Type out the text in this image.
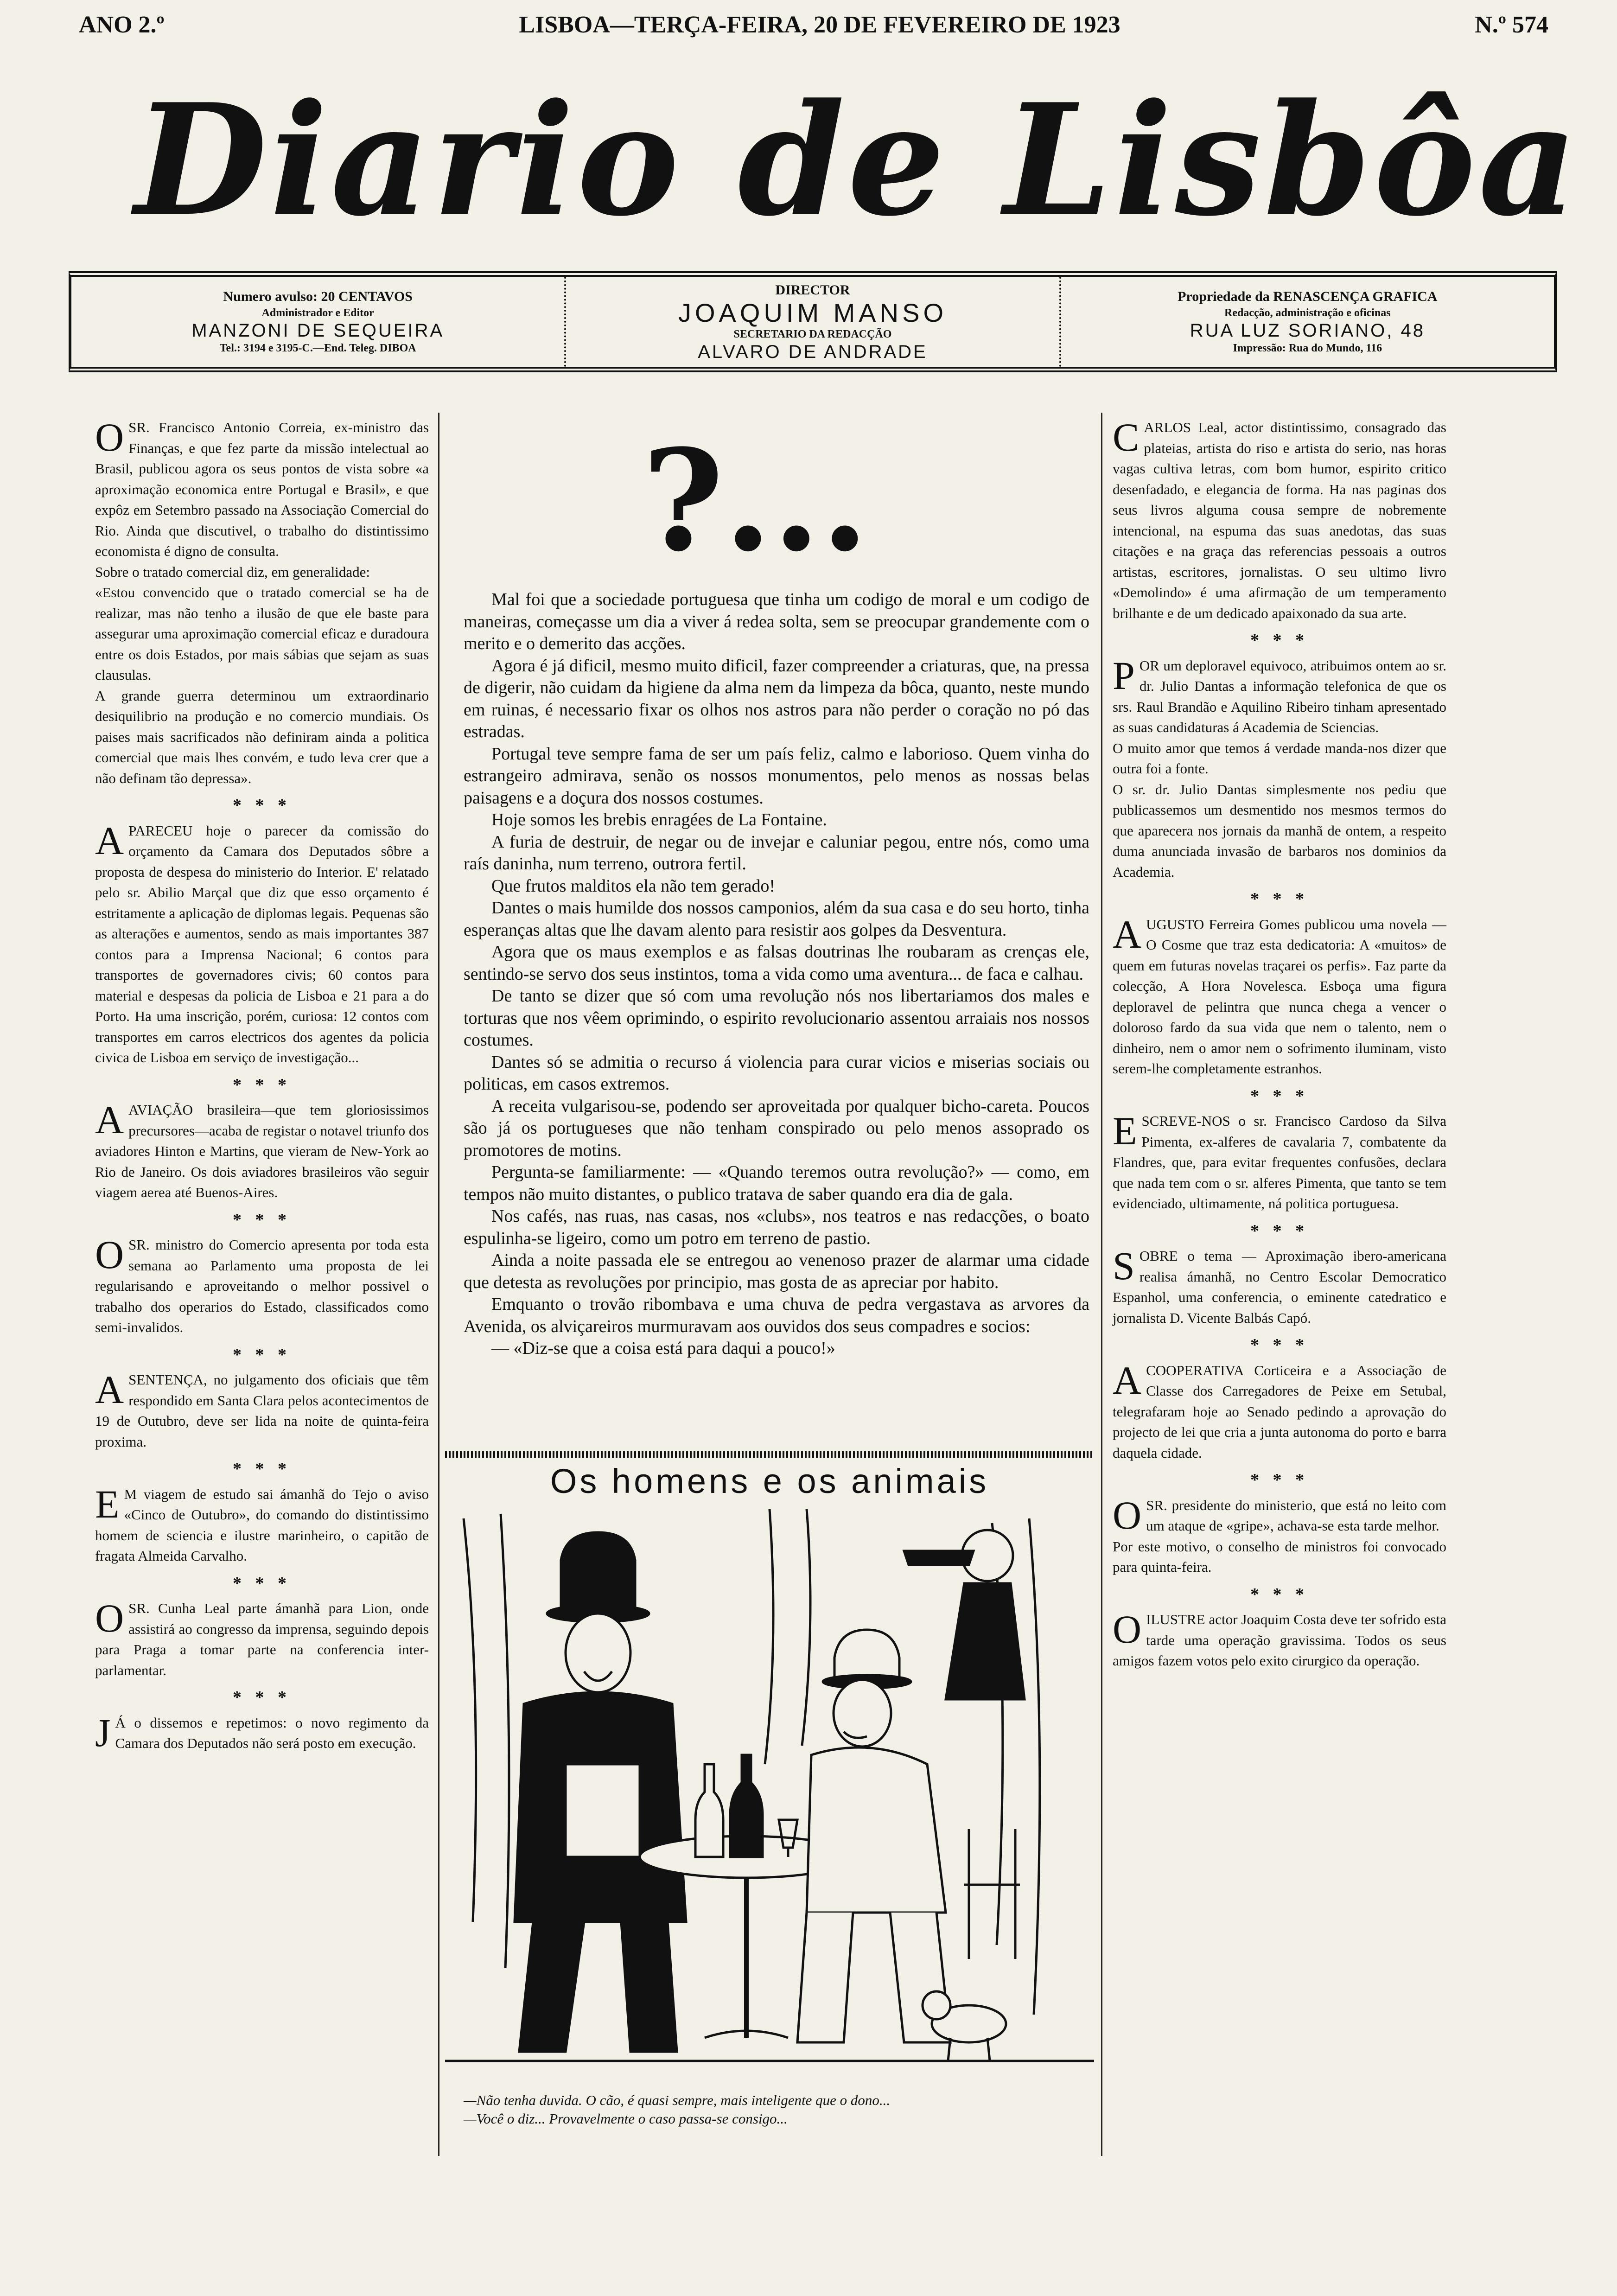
ANO 2.º	LISBOA—TERÇA-FEIRA, 20 DE FEVEREIRO DE 1923	N.º 574
Diario de Lisbôa
Numero avulso: 20 CENTAVOS
Administrador e Editor
MANZONI DE SEQUEIRA
Tel.: 3194 e 3195-C.—End. Teleg. DIBOA
DIRECTOR
JOAQUIM MANSO
SECRETARIO DA REDACÇÃO
ALVARO DE ANDRADE
Propriedade da RENASCENÇA GRAFICA
Redacção, administração e oficinas
RUA LUZ SORIANO, 48
Impressão: Rua do Mundo, 116
O SR. Francisco Antonio Correia, ex-ministro das Finanças, e que fez parte da missão intelectual ao Brasil, publicou agora os seus pontos de vista sobre «a aproximação economica entre Portugal e Brasil», e que expôz em Setembro passado na Associação Comercial do Rio. Ainda que discutivel, o trabalho do distintissimo economista é digno de consulta.

Sobre o tratado comercial diz, em generalidade:

«Estou convencido que o tratado comercial se ha de realizar, mas não tenho a ilusão de que ele baste para assegurar uma aproximação comercial eficaz e duradoura entre os dois Estados, por mais sábias que sejam as suas clausulas.

A grande guerra determinou um extraordinario desiquilibrio na produção e no comercio mundiais. Os paises mais sacrificados não definiram ainda a politica comercial que mais lhes convém, e tudo leva crer que a não definam tão depressa».

* * *
A PARECEU hoje o parecer da comissão do orçamento da Camara dos Deputados sôbre a proposta de despesa do ministerio do Interior. E' relatado pelo sr. Abilio Marçal que diz que esso orçamento é estritamente a aplicação de diplomas legais. Pequenas são as alterações e aumentos, sendo as mais importantes 387 contos para a Imprensa Nacional; 6 contos para transportes de governadores civis; 60 contos para material e despesas da policia de Lisboa e 21 para a do Porto. Ha uma inscrição, porém, curiosa: 12 contos com transportes em carros electricos dos agentes da policia civica de Lisboa em serviço de investigação...

* * *
A AVIAÇÃO brasileira—que tem gloriosissimos precursores—acaba de registar o notavel triunfo dos aviadores Hinton e Martins, que vieram de New-York ao Rio de Janeiro. Os dois aviadores brasileiros vão seguir viagem aerea até Buenos-Aires.

* * *
O SR. ministro do Comercio apresenta por toda esta semana ao Parlamento uma proposta de lei regularisando e aproveitando o melhor possivel o trabalho dos operarios do Estado, classificados como semi-invalidos.

* * *
A SENTENÇA, no julgamento dos oficiais que têm respondido em Santa Clara pelos acontecimentos de 19 de Outubro, deve ser lida na noite de quinta-feira proxima.

* * *
E M viagem de estudo sai ámanhã do Tejo o aviso «Cinco de Outubro», do comando do distintissimo homem de sciencia e ilustre marinheiro, o capitão de fragata Almeida Carvalho.

* * *
O SR. Cunha Leal parte ámanhã para Lion, onde assistirá ao congresso da imprensa, seguindo depois para Praga a tomar parte na conferencia inter-parlamentar.

* * *
J Á o dissemos e repetimos: o novo regimento da Camara dos Deputados não será posto em execução.

?...

Mal foi que a sociedade portuguesa que tinha um codigo de moral e um codigo de maneiras, começasse um dia a viver á redea solta, sem se preocupar grandemente com o merito e o demerito das acções.

Agora é já dificil, mesmo muito dificil, fazer compreender a criaturas, que, na pressa de digerir, não cuidam da higiene da alma nem da limpeza da bôca, quanto, neste mundo em ruinas, é necessario fixar os olhos nos astros para não perder o coração no pó das estradas.

Portugal teve sempre fama de ser um país feliz, calmo e laborioso. Quem vinha do estrangeiro admirava, senão os nossos monumentos, pelo menos as nossas belas paisagens e a doçura dos nossos costumes.

Hoje somos les brebis enragées de La Fontaine.

A furia de destruir, de negar ou de invejar e caluniar pegou, entre nós, como uma raís daninha, num terreno, outrora fertil.

Que frutos malditos ela não tem gerado!

Dantes o mais humilde dos nossos camponios, além da sua casa e do seu horto, tinha esperanças altas que lhe davam alento para resistir aos golpes da Desventura.

Agora que os maus exemplos e as falsas doutrinas lhe roubaram as crenças ele, sentindo-se servo dos seus instintos, toma a vida como uma aventura... de faca e calhau.

De tanto se dizer que só com uma revolução nós nos libertariamos dos males e torturas que nos vêem oprimindo, o espirito revolucionario assentou arraiais nos nossos costumes.

Dantes só se admitia o recurso á violencia para curar vicios e miserias sociais ou politicas, em casos extremos.

A receita vulgarisou-se, podendo ser aproveitada por qualquer bicho-careta. Poucos são já os portugueses que não tenham conspirado ou pelo menos assoprado os promotores de motins.

Pergunta-se familiarmente: — «Quando teremos outra revolução?» — como, em tempos não muito distantes, o publico tratava de saber quando era dia de gala.

Nos cafés, nas ruas, nas casas, nos «clubs», nos teatros e nas redacções, o boato espulinha-se ligeiro, como um potro em terreno de pastio.

Ainda a noite passada ele se entregou ao venenoso prazer de alarmar uma cidade que detesta as revoluções por principio, mas gosta de as apreciar por habito.

Emquanto o trovão ribombava e uma chuva de pedra vergastava as arvores da Avenida, os alviçareiros murmuravam aos ouvidos dos seus compadres e socios:

— «Diz-se que a coisa está para daqui a pouco!»

Os homens e os animais
—Não tenha duvida. O cão, é quasi sempre, mais inteligente que o dono...
—Você o diz... Provavelmente o caso passa-se consigo...
C ARLOS Leal, actor distintissimo, consagrado das plateias, artista do riso e artista do serio, nas horas vagas cultiva letras, com bom humor, espirito critico desenfadado, e elegancia de forma. Ha nas paginas dos seus livros alguma cousa sempre de nobremente intencional, na espuma das suas anedotas, das suas citações e na graça das referencias pessoais a outros artistas, escritores, jornalistas. O seu ultimo livro «Demolindo» é uma afirmação de um temperamento brilhante e de um dedicado apaixonado da sua arte.

* * *
P OR um deploravel equivoco, atribuimos ontem ao sr. dr. Julio Dantas a informação telefonica de que os srs. Raul Brandão e Aquilino Ribeiro tinham apresentado as suas candidaturas á Academia de Sciencias.

O muito amor que temos á verdade manda-nos dizer que outra foi a fonte.

O sr. dr. Julio Dantas simplesmente nos pediu que publicassemos um desmentido nos mesmos termos do que aparecera nos jornais da manhã de ontem, a respeito duma anunciada invasão de barbaros nos dominios da Academia.

* * *
A UGUSTO Ferreira Gomes publicou uma novela — O Cosme que traz esta dedicatoria: A «muitos» de quem em futuras novelas traçarei os perfis». Faz parte da colecção, A Hora Novelesca. Esboça uma figura deploravel de pelintra que nunca chega a vencer o doloroso fardo da sua vida que nem o talento, nem o dinheiro, nem o amor nem o sofrimento iluminam, visto serem-lhe completamente estranhos.

* * *
E SCREVE-NOS o sr. Francisco Cardoso da Silva Pimenta, ex-alferes de cavalaria 7, combatente da Flandres, que, para evitar frequentes confusões, declara que nada tem com o sr. alferes Pimenta, que tanto se tem evidenciado, ultimamente, ná politica portuguesa.

* * *
S OBRE o tema — Aproximação ibero-americana realisa ámanhã, no Centro Escolar Democratico Espanhol, uma conferencia, o eminente catedratico e jornalista D. Vicente Balbás Capó.

* * *
A COOPERATIVA Corticeira e a Associação de Classe dos Carregadores de Peixe em Setubal, telegrafaram hoje ao Senado pedindo a aprovação do projecto de lei que cria a junta autonoma do porto e barra daquela cidade.

* * *
O SR. presidente do ministerio, que está no leito com um ataque de «gripe», achava-se esta tarde melhor.

Por este motivo, o conselho de ministros foi convocado para quinta-feira.

* * *
O ILUSTRE actor Joaquim Costa deve ter sofrido esta tarde uma operação gravissima. Todos os seus amigos fazem votos pelo exito cirurgico da operação.
